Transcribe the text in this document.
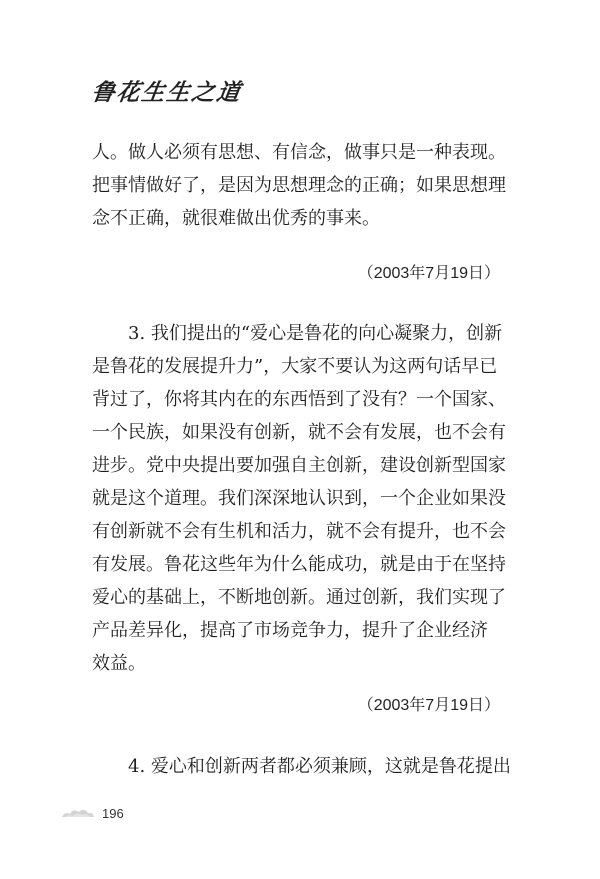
鲁花生生之道

人。做人必须有思想、有信念，做事只是一种表现。
把事情做好了，是因为思想理念的正确；如果思想理
念不正确，就很难做出优秀的事来。

（2003年7月19日）

3. 我们提出的“爱心是鲁花的向心凝聚力，创新
是鲁花的发展提升力”，大家不要认为这两句话早已
背过了，你将其内在的东西悟到了没有？一个国家、
一个民族，如果没有创新，就不会有发展，也不会有
进步。党中央提出要加强自主创新，建设创新型国家
就是这个道理。我们深深地认识到，一个企业如果没
有创新就不会有生机和活力，就不会有提升，也不会
有发展。鲁花这些年为什么能成功，就是由于在坚持
爱心的基础上，不断地创新。通过创新，我们实现了
产品差异化，提高了市场竞争力，提升了企业经济
效益。

（2003年7月19日）

4. 爱心和创新两者都必须兼顾，这就是鲁花提出

196
